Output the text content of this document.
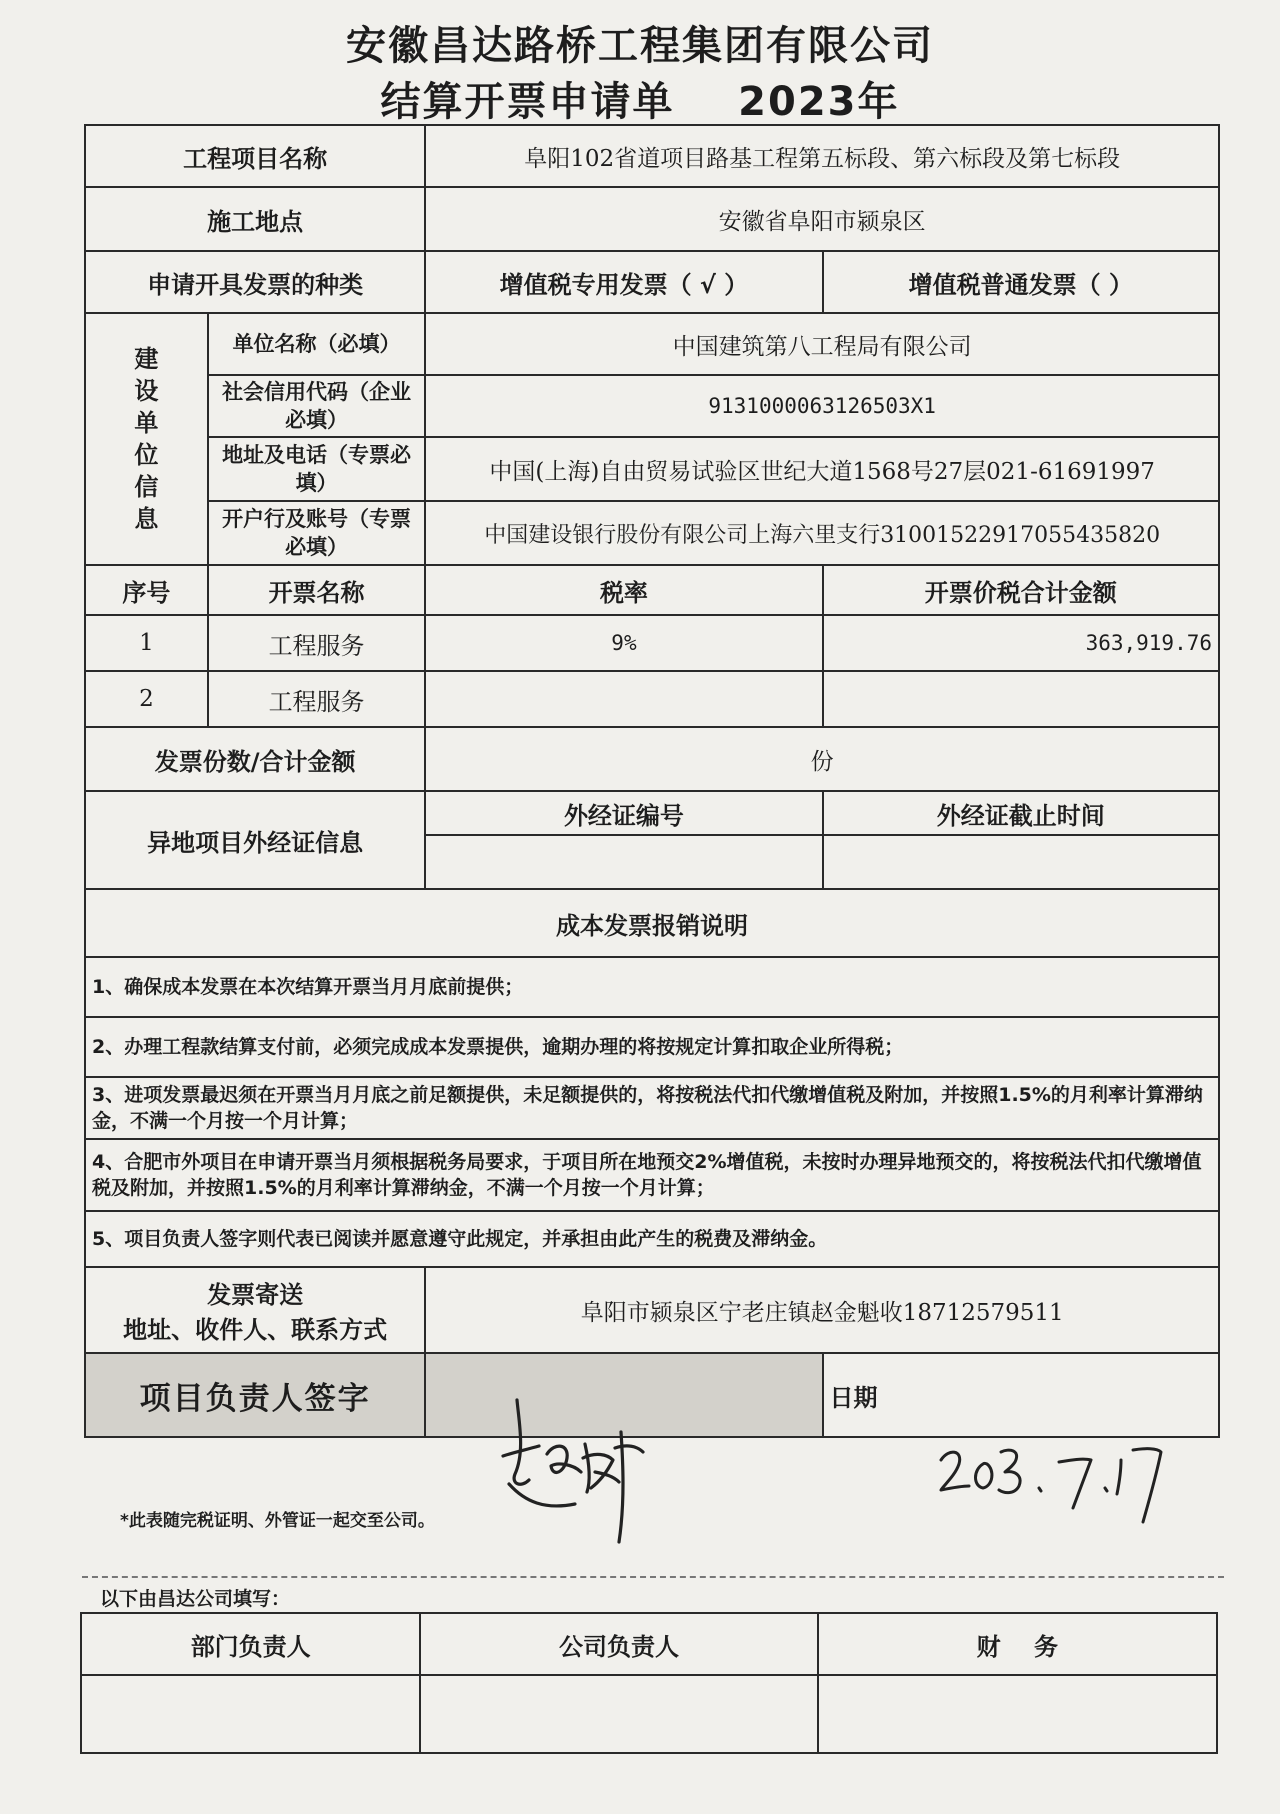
安徽昌达路桥工程集团有限公司
结算开票申请单    2023年
工程项目名称		阜阳102省道项目路基工程第五标段、第六标段及第七标段	
施工地点		安徽省阜阳市颍泉区	
申请开具发票的种类		增值税专用发票（ √ ）	增值税普通发票（ ）

建设单位信息	单位名称（必填）	中国建筑第八工程局有限公司	
	社会信用代码（企业必填）	9131000063126503X1	
	地址及电话（专票必填）	中国(上海)自由贸易试验区世纪大道1568号27层021-61691997	
	开户行及账号（专票必填）	中国建设银行股份有限公司上海六里支行31001522917055435820	
序号	开票名称	税率	开票价税合计金额
1	工程服务	9%	363,919.76
2	工程服务		
发票份数/合计金额		份	
异地项目外经证信息		外经证编号	外经证截止时间

成本发票报销说明			
1、确保成本发票在本次结算开票当月月底前提供；			
2、办理工程款结算支付前，必须完成成本发票提供，逾期办理的将按规定计算扣取企业所得税；			
3、进项发票最迟须在开票当月月底之前足额提供，未足额提供的，将按税法代扣代缴增值税及附加，并按照1.5%的月利率计算滞纳金，不满一个月按一个月计算；			
4、合肥市外项目在申请开票当月须根据税务局要求，于项目所在地预交2%增值税，未按时办理异地预交的，将按税法代扣代缴增值税及附加，并按照1.5%的月利率计算滞纳金，不满一个月按一个月计算；			
5、项目负责人签字则代表已阅读并愿意遵守此规定，并承担由此产生的税费及滞纳金。			

发票寄送
地址、收件人、联系方式		阜阳市颍泉区宁老庄镇赵金魁收18712579511	
项目负责人签字			日期
*此表随完税证明、外管证一起交至公司。
以下由昌达公司填写：
部门负责人	公司负责人	财    务
